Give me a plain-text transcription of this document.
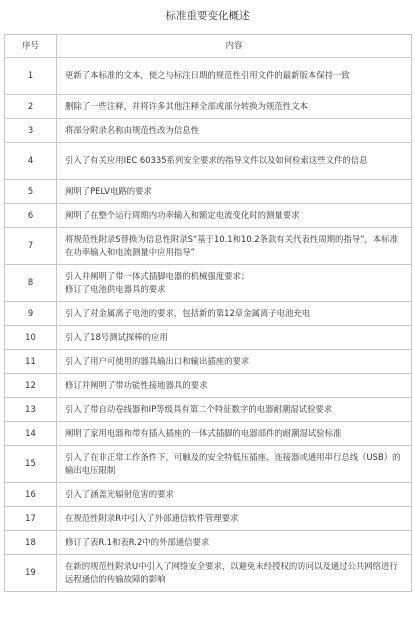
标准重要变化概述
序号	内容
1	更新了本标准的文本，使之与标注日期的规范性引用文件的最新版本保持一致
2	删除了一些注释，并将许多其他注释全部或部分转换为规范性文本
3	将部分附录名称由规范性改为信息性
4	引入了有关应用IEC 60335系列安全要求的指导文件以及如何检索这些文件的信息
5	阐明了PELV电路的要求
6	阐明了在整个运行周期内功率输入和额定电流变化时的测量要求
7	将规范性附录S替换为信息性附录S“基于10.1和10.2条款有关代表性周期的指导”，本标准在功率输入和电流测量中应用指导”
8	引入并阐明了带一体式插脚电器的机械强度要求；
修订了电池供电器具的要求
9	引入了对金属离子电池的要求，包括新的第12章金属离子电池充电
10	引入了18号测试探棒的应用
11	引入了用户可使用的器具输出口和输出插座的要求
12	修订并阐明了带功能性接地器具的要求
13	引入了带自动卷线器和IP等级具有第二个特征数字的电器耐潮湿试验要求
14	阐明了家用电器和带有插入插座的一体式插脚的电器部件的耐潮湿试验标准
15	引入了在非正常工作条件下，可触及的安全特低压插座、连接器或通用串行总线（USB）的输出电压限制
16	引入了涵盖光辐射危害的要求
17	在规范性附录R中引入了外部通信软件管理要求
18	修订了表R.1和表R.2中的外部通信要求
19	在新的规范性附录U中引入了网络安全要求，以避免未经授权的访问以及通过公共网络进行远程通信的传输故障的影响
